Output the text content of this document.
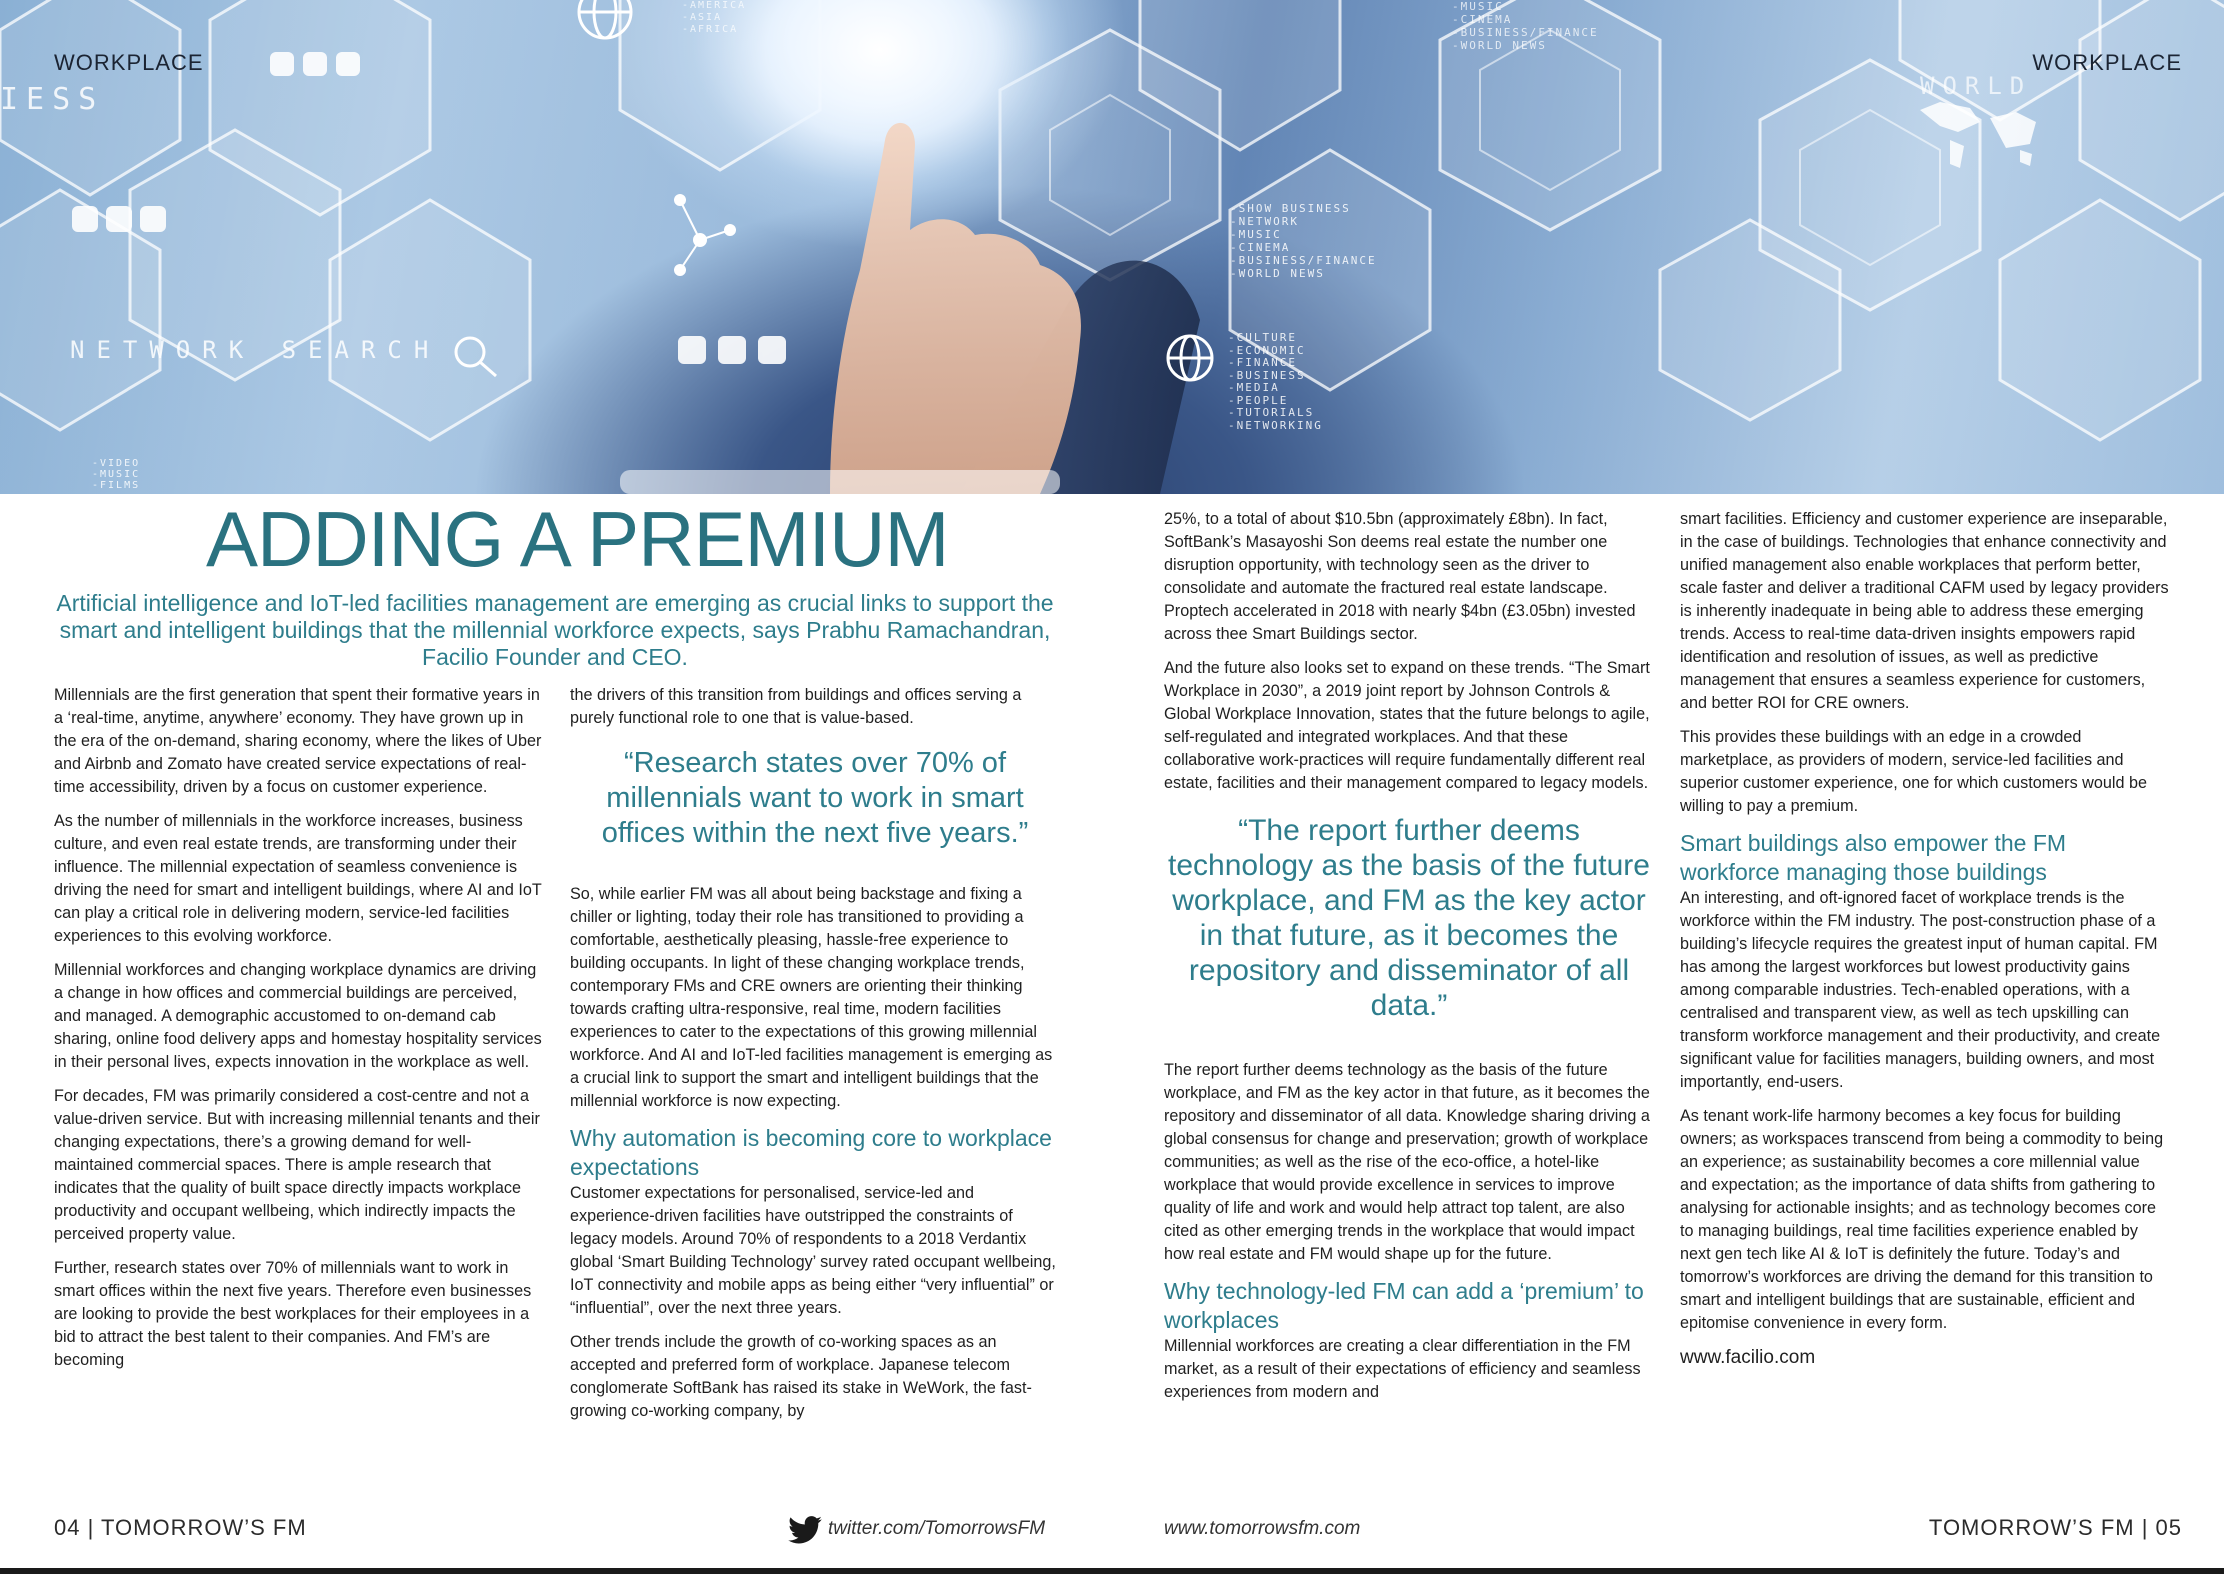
WORKPLACE	WORKPLACE
IESS
NETWORK SEARCH
WORLD
-SHOW BUSINESS
-NETWORK
-MUSIC
-CINEMA
-BUSINESS/FINANCE
-WORLD NEWS
-CULTURE
-ECONOMIC
-FINANCE
-BUSINESS
-MEDIA
-PEOPLE
-TUTORIALS
-NETWORKING
-MUSIC
-CINEMA
-BUSINESS/FINANCE
-WORLD NEWS
-AMERICA
-ASIA
-AFRICA
-VIDEO
-MUSIC
-FILMS
ADDING A PREMIUM

Artificial intelligence and IoT-led facilities management are emerging as crucial links to support the smart and intelligent buildings that the millennial workforce expects, says Prabhu Ramachandran, Facilio Founder and CEO.

Millennials are the first generation that spent their formative years in a ‘real-time, anytime, anywhere’ economy. They have grown up in the era of the on-demand, sharing economy, where the likes of Uber and Airbnb and Zomato have created service expectations of real-time accessibility, driven by a focus on customer experience.

As the number of millennials in the workforce increases, business culture, and even real estate trends, are transforming under their influence. The millennial expectation of seamless convenience is driving the need for smart and intelligent buildings, where AI and IoT can play a critical role in delivering modern, service-led facilities experiences to this evolving workforce.

Millennial workforces and changing workplace dynamics are driving a change in how offices and commercial buildings are perceived, and managed. A demographic accustomed to on-demand cab sharing, online food delivery apps and homestay hospitality services in their personal lives, expects innovation in the workplace as well.

For decades, FM was primarily considered a cost-centre and not a value-driven service. But with increasing millennial tenants and their changing expectations, there’s a growing demand for well-maintained commercial spaces. There is ample research that indicates that the quality of built space directly impacts workplace productivity and occupant wellbeing, which indirectly impacts the perceived property value.

Further, research states over 70% of millennials want to work in smart offices within the next five years. Therefore even businesses are looking to provide the best workplaces for their employees in a bid to attract the best talent to their companies. And FM’s are becoming

the drivers of this transition from buildings and offices serving a purely functional role to one that is value-based.

“Research states over 70% of millennials want to work in smart offices within the next five years.”

So, while earlier FM was all about being backstage and fixing a chiller or lighting, today their role has transitioned to providing a comfortable, aesthetically pleasing, hassle-free experience to building occupants. In light of these changing workplace trends, contemporary FMs and CRE owners are orienting their thinking towards crafting ultra-responsive, real time, modern facilities experiences to cater to the expectations of this growing millennial workforce. And AI and IoT-led facilities management is emerging as a crucial link to support the smart and intelligent buildings that the millennial workforce is now expecting.

Why automation is becoming core to workplace expectations

Customer expectations for personalised, service-led and experience-driven facilities have outstripped the constraints of legacy models. Around 70% of respondents to a 2018 Verdantix global ‘Smart Building Technology’ survey rated occupant wellbeing, IoT connectivity and mobile apps as being either “very influential” or “influential”, over the next three years.

Other trends include the growth of co-working spaces as an accepted and preferred form of workplace. Japanese telecom conglomerate SoftBank has raised its stake in WeWork, the fast-growing co-working company, by

25%, to a total of about $10.5bn (approximately £8bn). In fact, SoftBank’s Masayoshi Son deems real estate the number one disruption opportunity, with technology seen as the driver to consolidate and automate the fractured real estate landscape. Proptech accelerated in 2018 with nearly $4bn (£3.05bn) invested across thee Smart Buildings sector.

And the future also looks set to expand on these trends. “The Smart Workplace in 2030”, a 2019 joint report by Johnson Controls & Global Workplace Innovation, states that the future belongs to agile, self-regulated and integrated workplaces. And that these collaborative work-practices will require fundamentally different real estate, facilities and their management compared to legacy models.

“The report further deems technology as the basis of the future workplace, and FM as the key actor in that future, as it becomes the repository and disseminator of all data.”

The report further deems technology as the basis of the future workplace, and FM as the key actor in that future, as it becomes the repository and disseminator of all data. Knowledge sharing driving a global consensus for change and preservation; growth of workplace communities; as well as the rise of the eco-office, a hotel-like workplace that would provide excellence in services to improve quality of life and work and would help attract top talent, are also cited as other emerging trends in the workplace that would impact how real estate and FM would shape up for the future.

Why technology-led FM can add a ‘premium’ to workplaces

Millennial workforces are creating a clear differentiation in the FM market, as a result of their expectations of efficiency and seamless experiences from modern and

smart facilities. Efficiency and customer experience are inseparable, in the case of buildings. Technologies that enhance connectivity and unified management also enable workplaces that perform better, scale faster and deliver a traditional CAFM used by legacy providers is inherently inadequate in being able to address these emerging trends. Access to real-time data-driven insights empowers rapid identification and resolution of issues, as well as predictive management that ensures a seamless experience for customers, and better ROI for CRE owners.

This provides these buildings with an edge in a crowded marketplace, as providers of modern, service-led facilities and superior customer experience, one for which customers would be willing to pay a premium.

Smart buildings also empower the FM workforce managing those buildings

An interesting, and oft-ignored facet of workplace trends is the workforce within the FM industry. The post-construction phase of a building’s lifecycle requires the greatest input of human capital. FM has among the largest workforces but lowest productivity gains among comparable industries. Tech-enabled operations, with a centralised and transparent view, as well as tech upskilling can transform workforce management and their productivity, and create significant value for facilities managers, building owners, and most importantly, end-users.

As tenant work-life harmony becomes a key focus for building owners; as workspaces transcend from being a commodity to being an experience; as sustainability becomes a core millennial value and expectation; as the importance of data shifts from gathering to analysing for actionable insights; and as technology becomes core to managing buildings, real time facilities experience enabled by next gen tech like AI & IoT is definitely the future. Today’s and tomorrow’s workforces are driving the demand for this transition to smart and intelligent buildings that are sustainable, efficient and epitomise convenience in every form.

www.facilio.com

04 | TOMORROW’S FM	twitter.com/TomorrowsFM	www.tomorrowsfm.com	TOMORROW’S FM | 05
